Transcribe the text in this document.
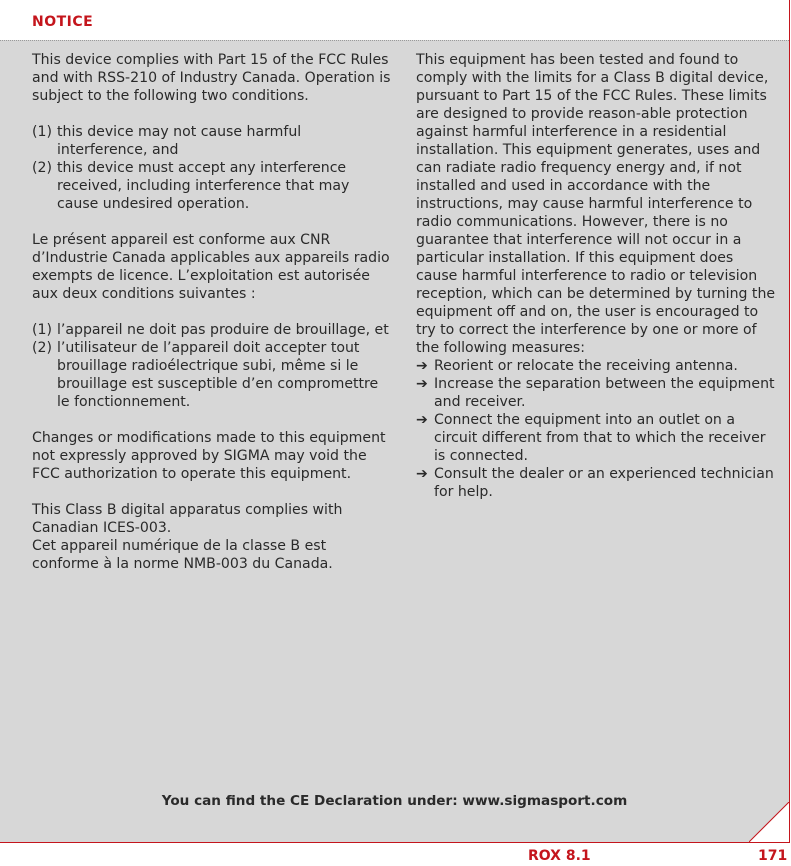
NOTICE

This device complies with Part 15 of the FCC Rules and with RSS-210 of Industry Canada. Operation is subject to the following two conditions.

(1) this device may not cause harmful interference, and
(2) this device must accept any interference received, including interference that may cause undesired operation.

Le présent appareil est conforme aux CNR d’Industrie Canada applicables aux appareils radio exempts de licence. L’exploitation est autorisée aux deux conditions suivantes :

(1) l’appareil ne doit pas produire de brouillage, et
(2) l’utilisateur de l’appareil doit accepter tout brouillage radioélectrique subi, même si le brouillage est susceptible d’en compromettre le fonctionnement.

Changes or modifications made to this equipment not expressly approved by SIGMA may void the FCC authorization to operate this equipment.

This Class B digital apparatus complies with Canadian ICES-003.

Cet appareil numérique de la classe B est conforme à la norme NMB-003 du Canada.

This equipment has been tested and found to comply with the limits for a Class B digital device, pursuant to Part 15 of the FCC Rules. These limits are designed to provide reason-able protection against harmful interference in a residential installation. This equipment generates, uses and can radiate radio frequency energy and, if not installed and used in accordance with the instructions, may cause harmful interference to radio communications. However, there is no guarantee that interference will not occur in a particular installation. If this equipment does cause harmful interference to radio or television reception, which can be determined by turning the equipment off and on, the user is encouraged to try to correct the interference by one or more of the following measures:

➔ Reorient or relocate the receiving antenna.
➔ Increase the separation between the equipment and receiver.
➔ Connect the equipment into an outlet on a circuit different from that to which the receiver is connected.
➔ Consult the dealer or an experienced technician for help.
You can find the CE Declaration under: www.sigmasport.com
ROX 8.1	171
